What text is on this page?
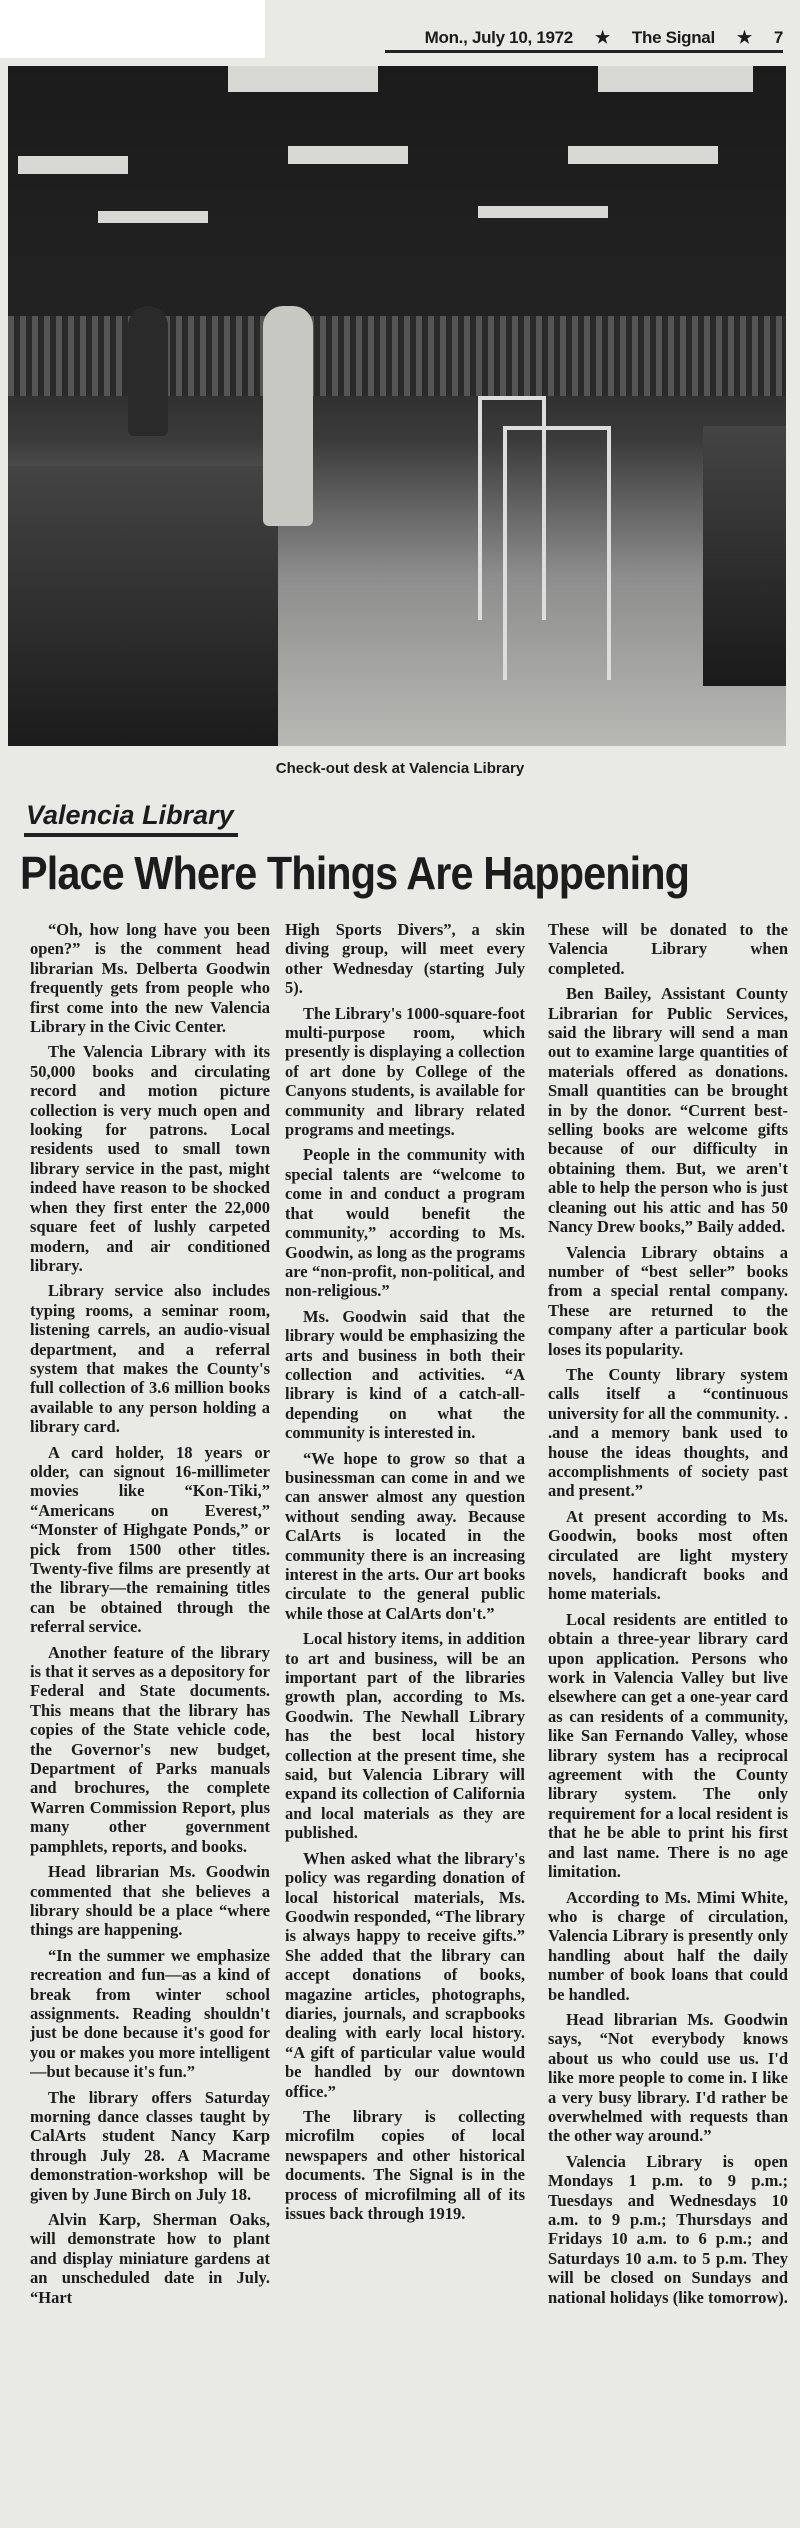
Mon., July 10, 1972 ★ The Signal ★ 7
Check-out desk at Valencia Library
Valencia Library
Place Where Things Are Happening

“Oh, how long have you been open?” is the comment head librarian Ms. Delberta Goodwin frequently gets from people who first come into the new Valencia Library in the Civic Center.

The Valencia Library with its 50,000 books and circulating record and motion picture collection is very much open and looking for patrons. Local residents used to small town library service in the past, might indeed have reason to be shocked when they first enter the 22,000 square feet of lushly carpeted modern, and air conditioned library.

Library service also includes typing rooms, a seminar room, listening carrels, an audio-visual department, and a referral system that makes the County's full collection of 3.6 million books available to any person holding a library card.

A card holder, 18 years or older, can signout 16-millimeter movies like “Kon-Tiki,” “Americans on Everest,” “Monster of Highgate Ponds,” or pick from 1500 other titles. Twenty-five films are presently at the library—the remaining titles can be obtained through the referral service.

Another feature of the library is that it serves as a depository for Federal and State documents. This means that the library has copies of the State vehicle code, the Governor's new budget, Department of Parks manuals and brochures, the complete Warren Commission Report, plus many other government pamphlets, reports, and books.

Head librarian Ms. Goodwin commented that she believes a library should be a place “where things are happening.

“In the summer we emphasize recreation and fun—as a kind of break from winter school assignments. Reading shouldn't just be done because it's good for you or makes you more intelligent—but because it's fun.”

The library offers Saturday morning dance classes taught by CalArts student Nancy Karp through July 28. A Macrame demonstration-workshop will be given by June Birch on July 18.

Alvin Karp, Sherman Oaks, will demonstrate how to plant and display miniature gardens at an unscheduled date in July. “Hart

High Sports Divers”, a skin diving group, will meet every other Wednesday (starting July 5).

The Library's 1000-square-foot multi-purpose room, which presently is displaying a collection of art done by College of the Canyons students, is available for community and library related programs and meetings.

People in the community with special talents are “welcome to come in and conduct a program that would benefit the community,” according to Ms. Goodwin, as long as the programs are “non-profit, non-political, and non-religious.”

Ms. Goodwin said that the library would be emphasizing the arts and business in both their collection and activities. “A library is kind of a catch-all-depending on what the community is interested in.

“We hope to grow so that a businessman can come in and we can answer almost any question without sending away. Because CalArts is located in the community there is an increasing interest in the arts. Our art books circulate to the general public while those at CalArts don't.”

Local history items, in addition to art and business, will be an important part of the libraries growth plan, according to Ms. Goodwin. The Newhall Library has the best local history collection at the present time, she said, but Valencia Library will expand its collection of California and local materials as they are published.

When asked what the library's policy was regarding donation of local historical materials, Ms. Goodwin responded, “The library is always happy to receive gifts.” She added that the library can accept donations of books, magazine articles, photographs, diaries, journals, and scrapbooks dealing with early local history. “A gift of particular value would be handled by our downtown office.”

The library is collecting microfilm copies of local newspapers and other historical documents. The Signal is in the process of microfilming all of its issues back through 1919.

These will be donated to the Valencia Library when completed.

Ben Bailey, Assistant County Librarian for Public Services, said the library will send a man out to examine large quantities of materials offered as donations. Small quantities can be brought in by the donor. “Current best-selling books are welcome gifts because of our difficulty in obtaining them. But, we aren't able to help the person who is just cleaning out his attic and has 50 Nancy Drew books,” Baily added.

Valencia Library obtains a number of “best seller” books from a special rental company. These are returned to the company after a particular book loses its popularity.

The County library system calls itself a “continuous university for all the community. . .and a memory bank used to house the ideas thoughts, and accomplishments of society past and present.”

At present according to Ms. Goodwin, books most often circulated are light mystery novels, handicraft books and home materials.

Local residents are entitled to obtain a three-year library card upon application. Persons who work in Valencia Valley but live elsewhere can get a one-year card as can residents of a community, like San Fernando Valley, whose library system has a reciprocal agreement with the County library system. The only requirement for a local resident is that he be able to print his first and last name. There is no age limitation.

According to Ms. Mimi White, who is charge of circulation, Valencia Library is presently only handling about half the daily number of book loans that could be handled.

Head librarian Ms. Goodwin says, “Not everybody knows about us who could use us. I'd like more people to come in. I like a very busy library. I'd rather be overwhelmed with requests than the other way around.”

Valencia Library is open Mondays 1 p.m. to 9 p.m.; Tuesdays and Wednesdays 10 a.m. to 9 p.m.; Thursdays and Fridays 10 a.m. to 6 p.m.; and Saturdays 10 a.m. to 5 p.m. They will be closed on Sundays and national holidays (like tomorrow).
